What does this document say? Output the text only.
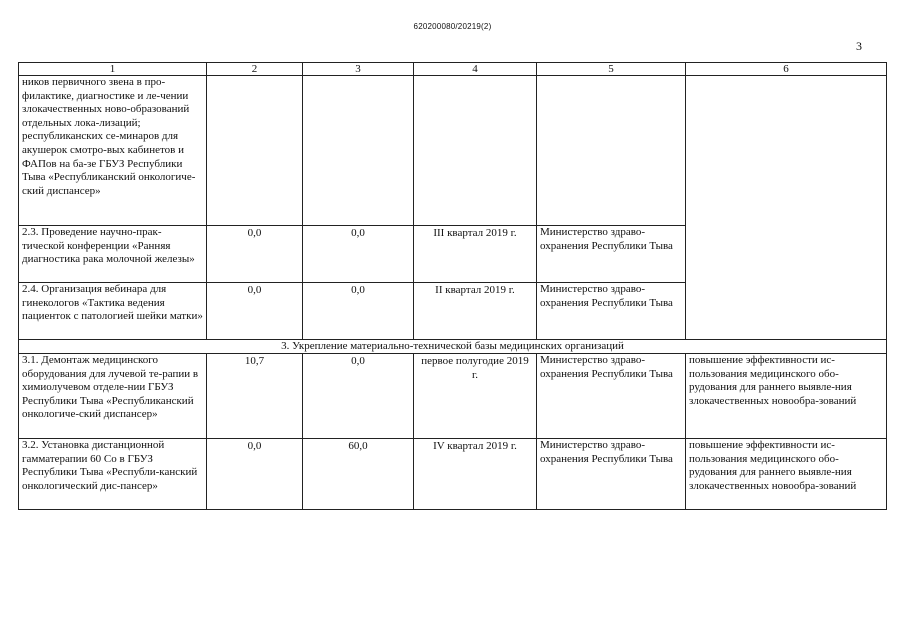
620200080/20219(2)
3
1	2	3	4	5	6
ников первичного звена в про-филактике, диагностике и ле-чении злокачественных ново-образований отдельных лока-лизаций; республиканских се-минаров для акушерок смотро-вых кабинетов и ФАПов на ба-зе ГБУЗ Республики Тыва «Республиканский онкологиче-ский диспансер»					
2.3. Проведение научно-прак-тической конференции «Ранняя диагностика рака молочной железы»	0,0	0,0	III квартал 2019 г.	Министерство здраво-охранения Республики Тыва	
2.4. Организация вебинара для гинекологов «Тактика ведения пациенток с патологией шейки матки»	0,0	0,0	II квартал 2019 г.	Министерство здраво-охранения Республики Тыва	
3. Укрепление материально-технической базы медицинских организаций					
3.1. Демонтаж медицинского оборудования для лучевой те-рапии в химиолучевом отделе-нии ГБУЗ Республики Тыва «Республиканский онкологиче-ский диспансер»	10,7	0,0	первое полугодие 2019 г.	Министерство здраво-охранения Республики Тыва	повышение эффективности ис-пользования медицинского обо-рудования для раннего выявле-ния злокачественных новообра-зований
3.2. Установка дистанционной гамматерапии 60 Со в ГБУЗ Республики Тыва «Республи-канский онкологический дис-пансер»	0,0	60,0	IV квартал 2019 г.	Министерство здраво-охранения Республики Тыва	повышение эффективности ис-пользования медицинского обо-рудования для раннего выявле-ния злокачественных новообра-зований
